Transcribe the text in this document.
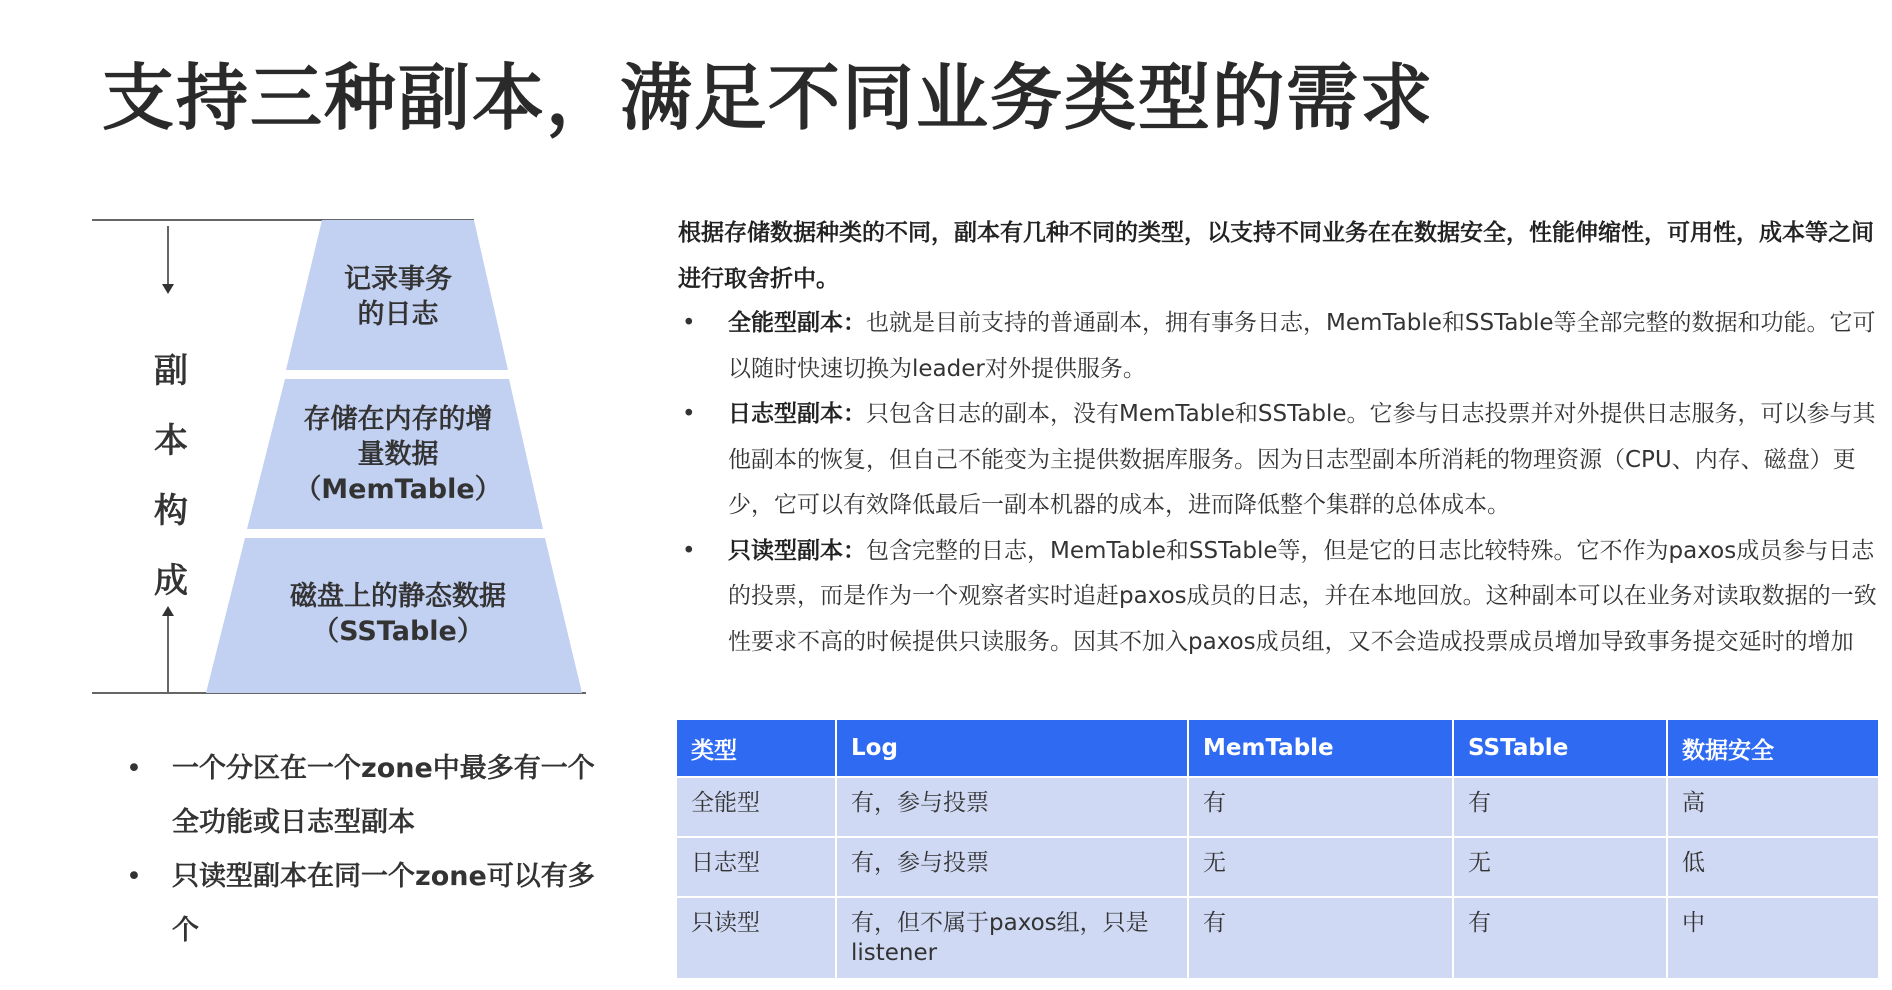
支持三种副本，满足不同业务类型的需求
副
本
构
成
记录事务
的日志
存储在内存的增
量数据
（MemTable）
磁盘上的静态数据
（SSTable）
• 一个分区在一个zone中最多有一个全功能或日志型副本
• 只读型副本在同一个zone可以有多个

根据存储数据种类的不同，副本有几种不同的类型，以支持不同业务在在数据安全，性能伸缩性，可用性，成本等之间进行取舍折中。

• 全能型副本：也就是目前支持的普通副本，拥有事务日志，MemTable和SSTable等全部完整的数据和功能。它可以随时快速切换为leader对外提供服务。
• 日志型副本：只包含日志的副本，没有MemTable和SSTable。它参与日志投票并对外提供日志服务，可以参与其他副本的恢复，但自己不能变为主提供数据库服务。因为日志型副本所消耗的物理资源（CPU、内存、磁盘）更少，它可以有效降低最后一副本机器的成本，进而降低整个集群的总体成本。
• 只读型副本：包含完整的日志，MemTable和SSTable等，但是它的日志比较特殊。它不作为paxos成员参与日志的投票，而是作为一个观察者实时追赶paxos成员的日志，并在本地回放。这种副本可以在业务对读取数据的一致性要求不高的时候提供只读服务。因其不加入paxos成员组，又不会造成投票成员增加导致事务提交延时的增加
类型	Log	MemTable	SSTable	数据安全
全能型	有，参与投票	有	有	高
日志型	有，参与投票	无	无	低
只读型	有，但不属于paxos组，只是listener	有	有	中
